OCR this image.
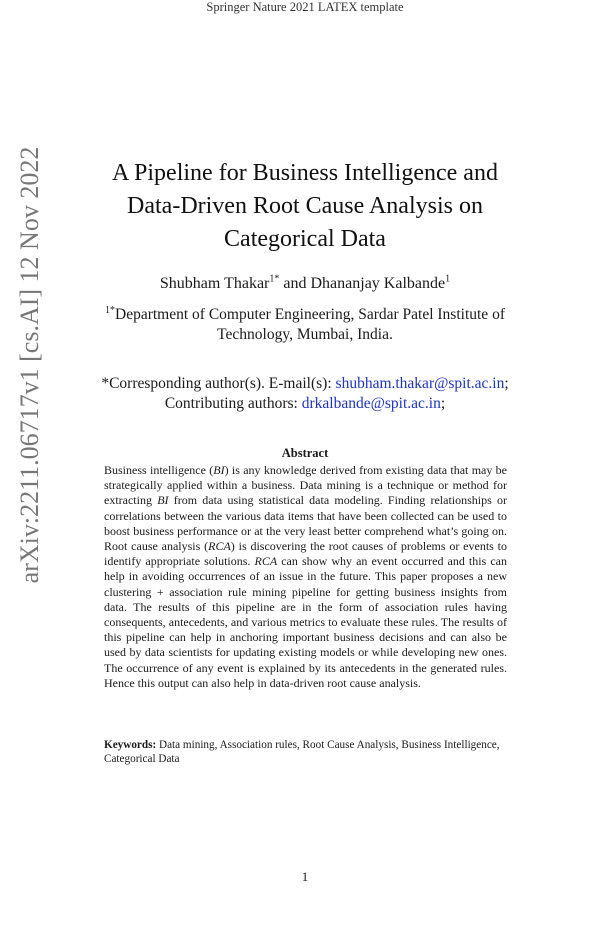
Springer Nature 2021 LATEX template
arXiv:2211.06717v1 [cs.AI] 12 Nov 2022	A Pipeline for Business Intelligence and
Data-Driven Root Cause Analysis on
Categorical Data
Shubham Thakar$^{1*}$ and Dhananjay Kalbande$^1$
$^{1*}$Department of Computer Engineering, Sardar Patel Institute of
Technology, Mumbai, India.
*Corresponding author(s). E-mail(s): shubham.thakar@spit.ac.in;
Contributing authors: drkalbande@spit.ac.in;
Abstract
Business intelligence (BI) is any knowledge derived from existing data that may be strategically applied within a business. Data mining is a technique or method for extracting BI from data using statistical data modeling. Finding relationships or correlations between the various data items that have been collected can be used to boost business performance or at the very least better comprehend what’s going on. Root cause analysis (RCA) is discovering the root causes of problems or events to identify appropriate solutions. RCA can show why an event occurred and this can help in avoiding occurrences of an issue in the future. This paper proposes a new clustering + association rule mining pipeline for getting business insights from data. The results of this pipeline are in the form of association rules having consequents, antecedents, and various metrics to evaluate these rules. The results of this pipeline can help in anchoring important business decisions and can also be used by data scientists for updating existing models or while developing new ones. The occurrence of any event is explained by its antecedents in the generated rules. Hence this output can also help in data-driven root cause analysis.
Keywords: Data mining, Association rules, Root Cause Analysis, Business Intelligence, Categorical Data
1
